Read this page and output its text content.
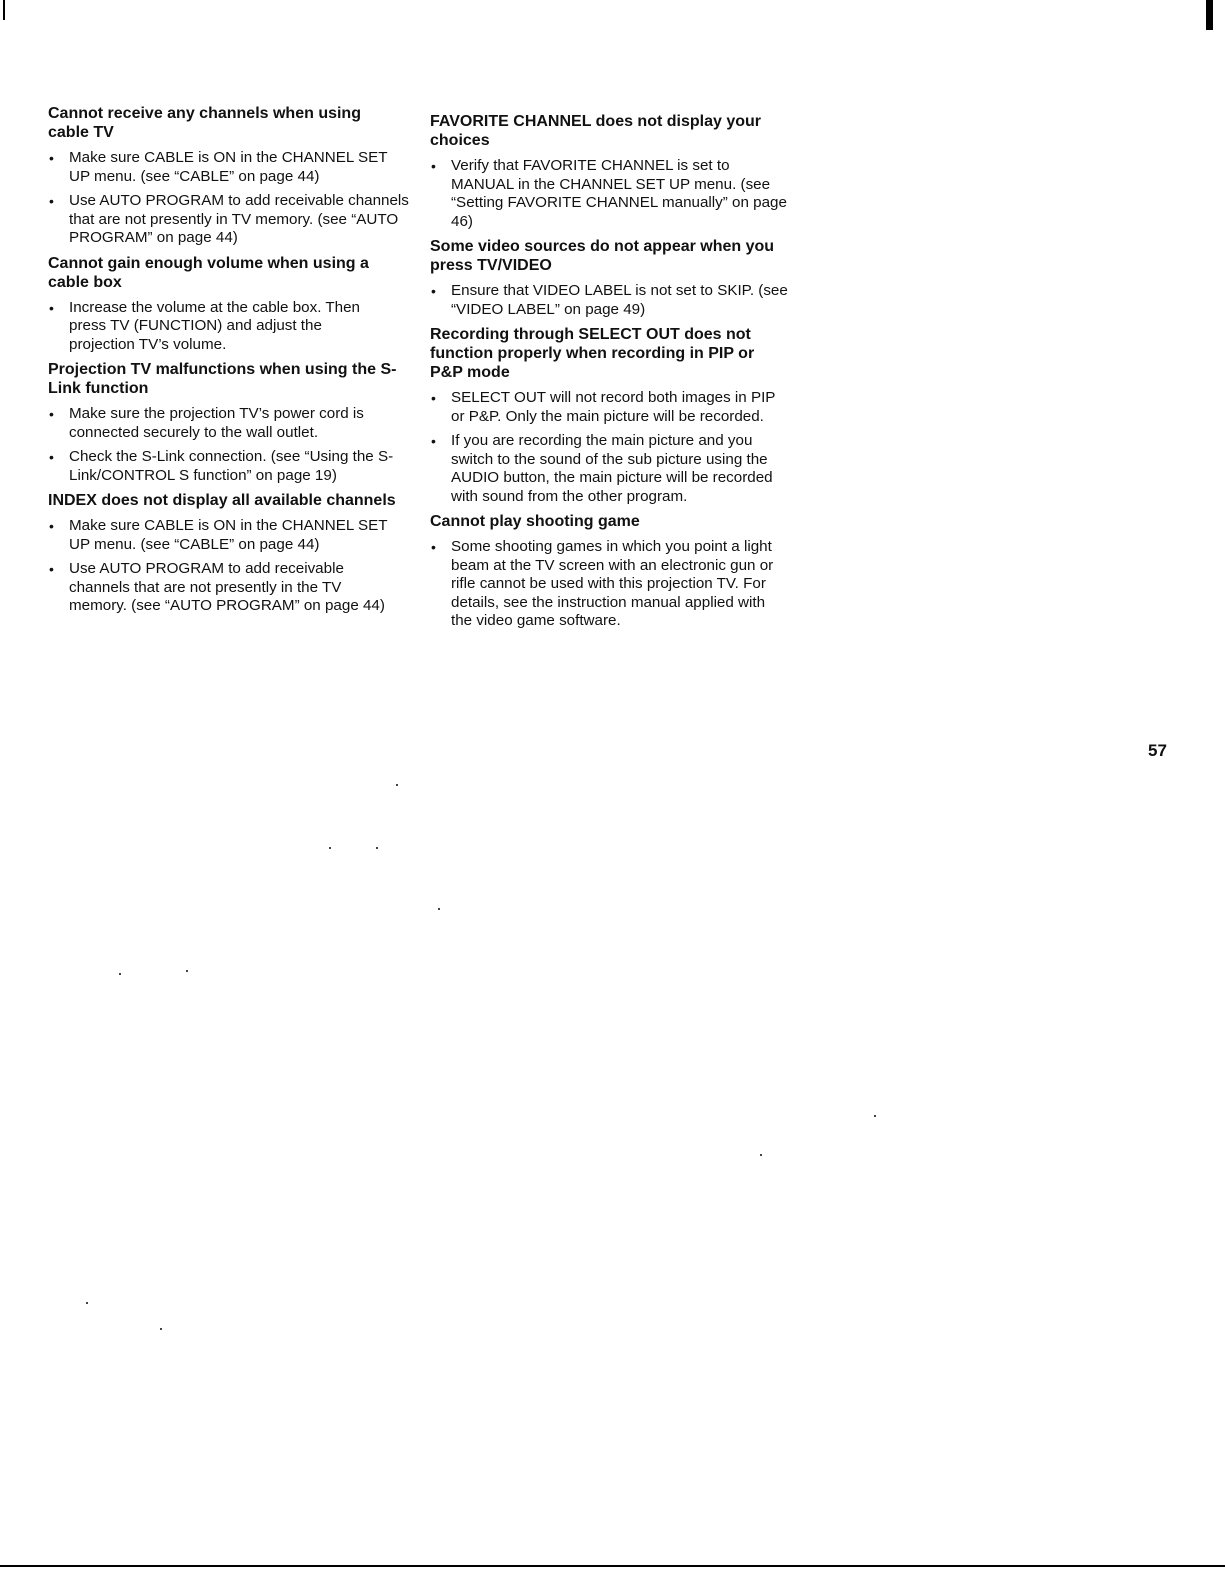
Cannot receive any channels when using cable TV

• Make sure CABLE is ON in the CHANNEL SET UP menu. (see “CABLE” on page 44)
• Use AUTO PROGRAM to add receivable channels that are not presently in TV memory. (see “AUTO PROGRAM” on page 44)

Cannot gain enough volume when using a cable box

• Increase the volume at the cable box. Then press TV (FUNCTION) and adjust the projection TV’s volume.

Projection TV malfunctions when using the S-Link function

• Make sure the projection TV’s power cord is connected securely to the wall outlet.
• Check the S-Link connection. (see “Using the S-Link/CONTROL S function” on page 19)

INDEX does not display all available channels

• Make sure CABLE is ON in the CHANNEL SET UP menu. (see “CABLE” on page 44)
• Use AUTO PROGRAM to add receivable channels that are not presently in the TV memory. (see “AUTO PROGRAM” on page 44)

FAVORITE CHANNEL does not display your choices

• Verify that FAVORITE CHANNEL is set to MANUAL in the CHANNEL SET UP menu. (see “Setting FAVORITE CHANNEL manually” on page 46)

Some video sources do not appear when you press TV/VIDEO

• Ensure that VIDEO LABEL is not set to SKIP. (see “VIDEO LABEL” on page 49)

Recording through SELECT OUT does not function properly when recording in PIP or P&P mode

• SELECT OUT will not record both images in PIP or P&P. Only the main picture will be recorded.
• If you are recording the main picture and you switch to the sound of the sub picture using the AUDIO button, the main picture will be recorded with sound from the other program.

Cannot play shooting game

• Some shooting games in which you point a light beam at the TV screen with an electronic gun or rifle cannot be used with this projection TV. For details, see the instruction manual applied with the video game software.
57
